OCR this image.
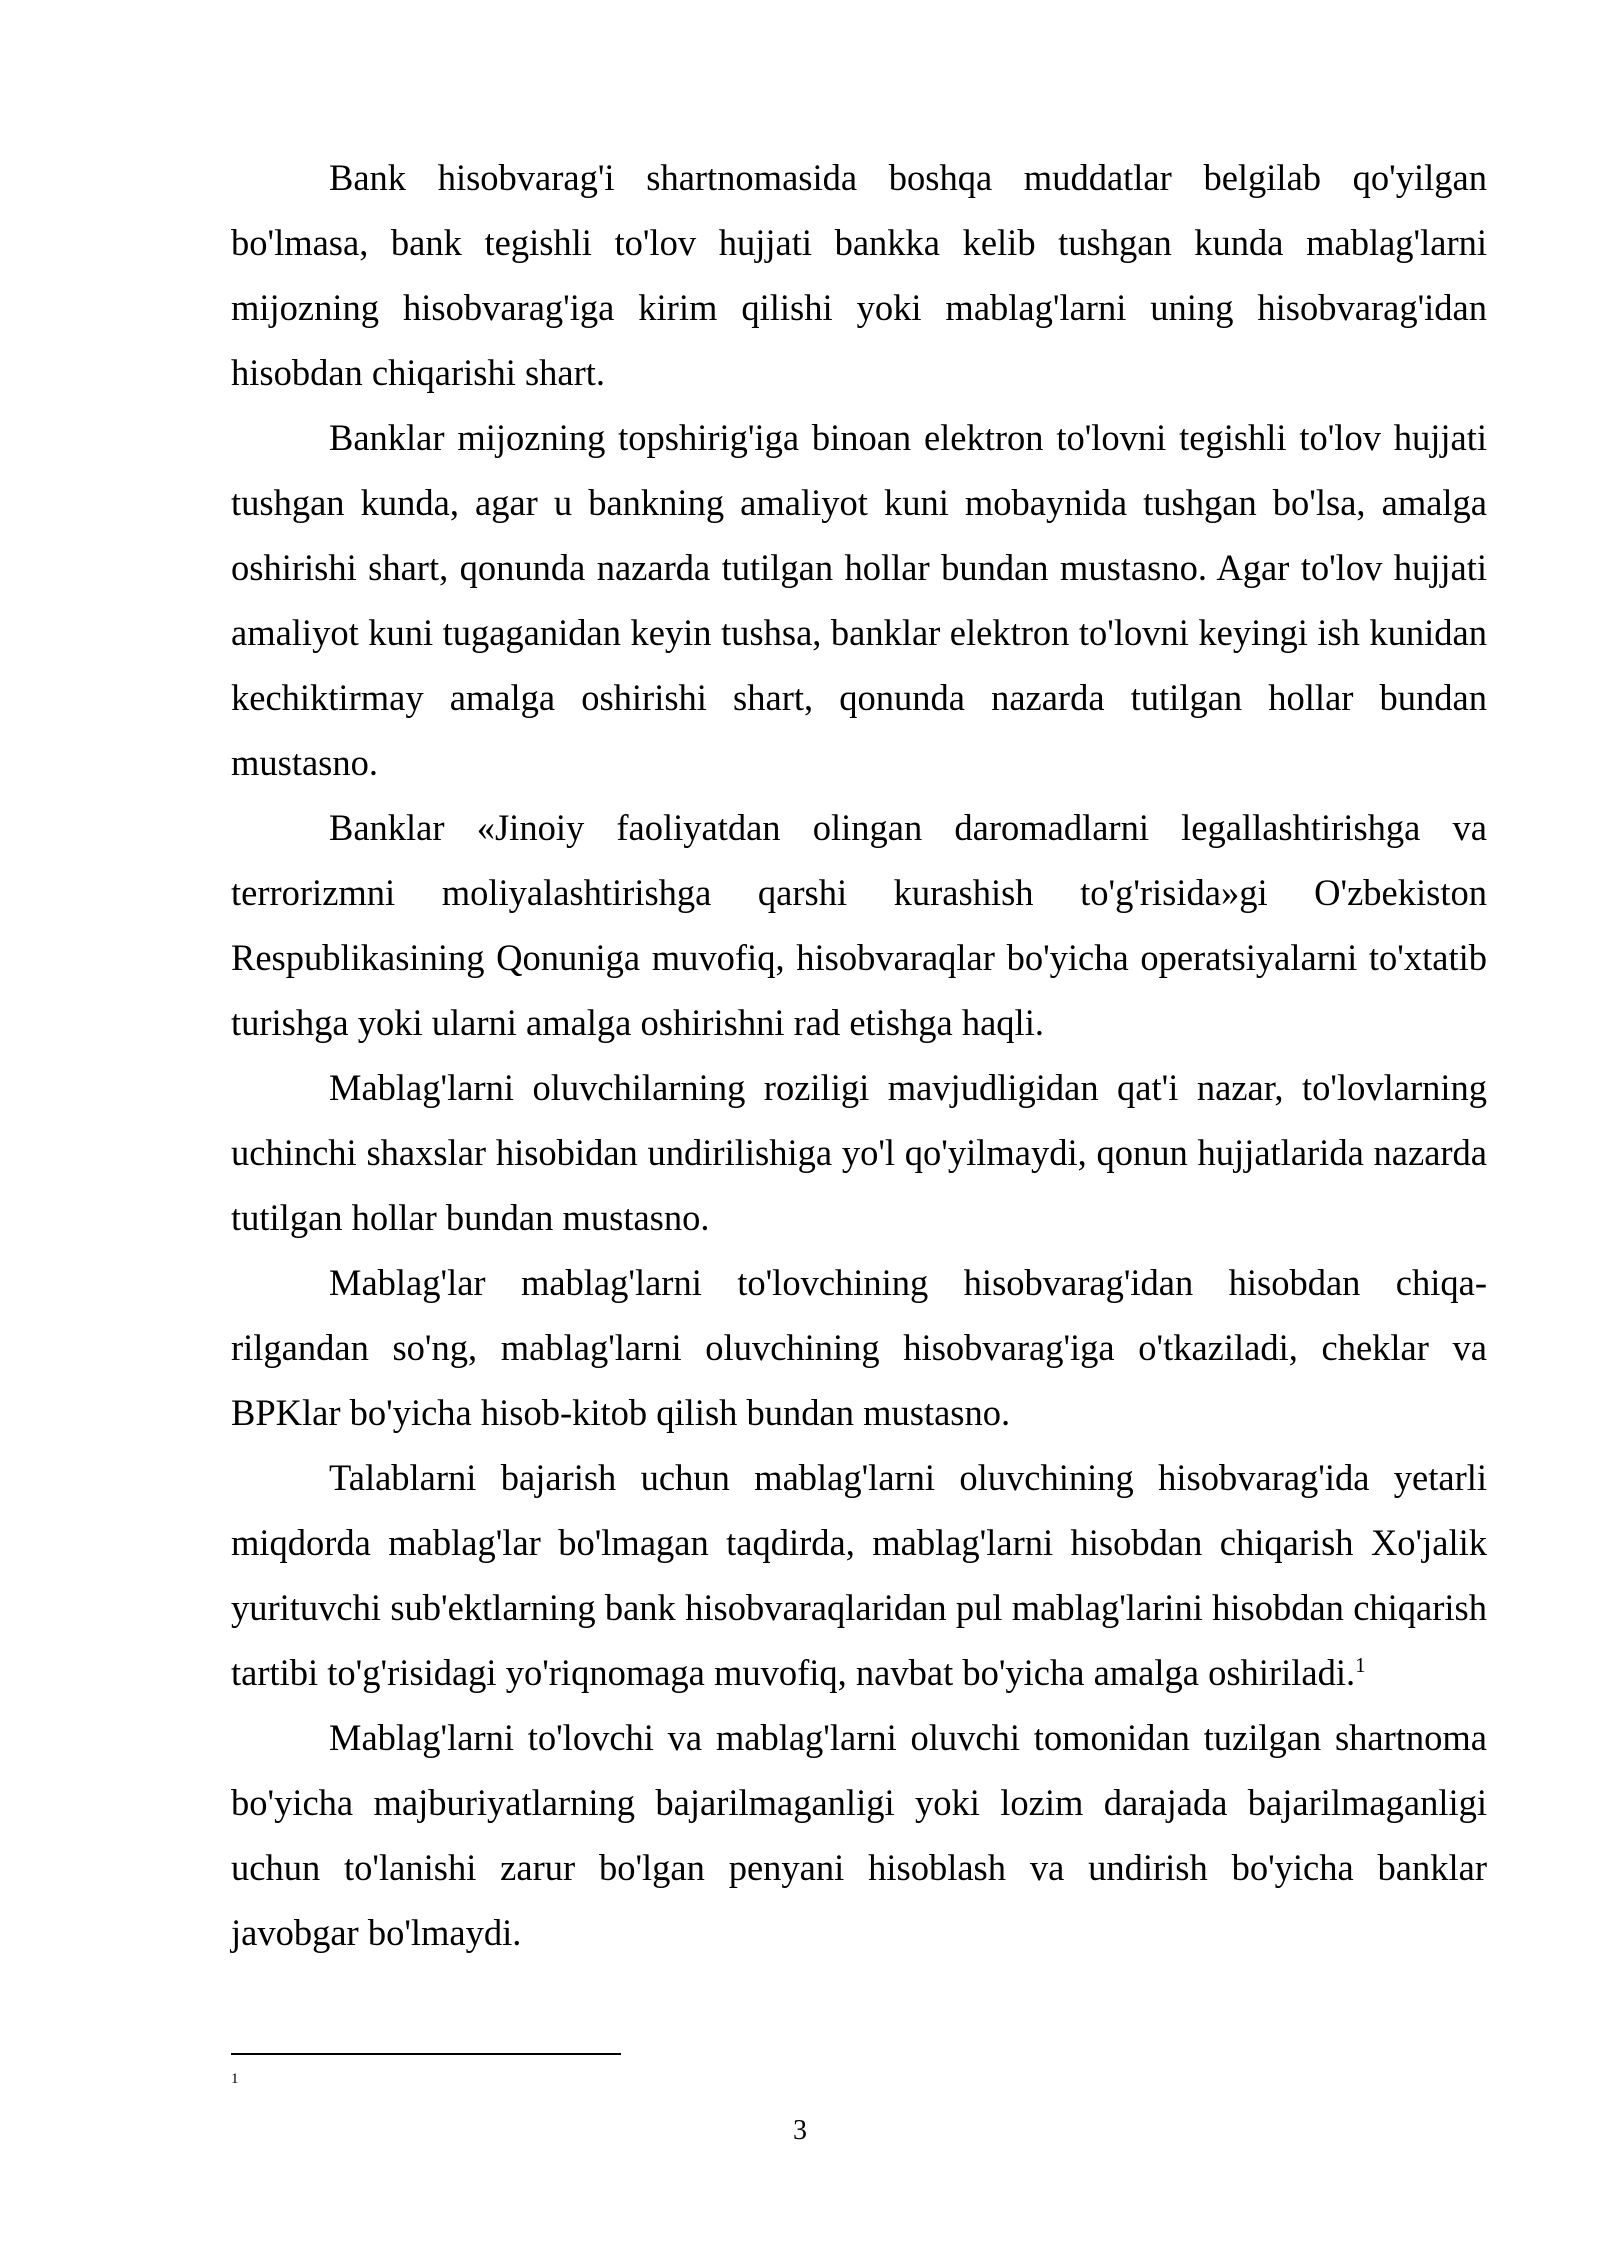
Bank hisobvarag'i shartnomasida boshqa muddatlar belgilab qo'yilgan bo'lmasa, bank tegishli to'lov hujjati bankka kelib tushgan kunda mablag'larni mijozning hisobvarag'iga kirim qilishi yoki mablag'larni uning hisobvarag'idan hisobdan chiqarishi shart.

Banklar mijozning topshirig'iga binoan elektron to'lovni tegishli to'lov hujjati tushgan kunda, agar u bankning amaliyot kuni mobaynida tushgan bo'lsa, amalga oshirishi shart, qonunda nazarda tutilgan hollar bundan mustasno. Agar to'lov hujjati amaliyot kuni tugaganidan keyin tushsa, banklar elektron to'lovni keyingi ish kunidan kechiktirmay amalga oshirishi shart, qonunda nazarda tutilgan hollar bundan mustasno.

Banklar «Jinoiy faoliyatdan olingan daromadlarni legallashtirishga va terrorizmni moliyalashtirishga qarshi kurashish to'g'risida»gi O'zbekiston Respublikasining Qonuniga muvofiq, hisobvaraqlar bo'yicha operatsiyalarni to'xtatib turishga yoki ularni amalga oshirishni rad etishga haqli.

Mablag'larni oluvchilarning roziligi mavjudligidan qat'i nazar, to'lovlarning uchinchi shaxslar hisobidan undirilishiga yo'l qo'yilmaydi, qonun hujjatlarida nazarda tutilgan hollar bundan mustasno.

Mablag'lar mablag'larni to'lovchining hisobvarag'idan hisobdan chiqa-rilgandan so'ng, mablag'larni oluvchining hisobvarag'iga o'tkaziladi, cheklar va BPKlar bo'yicha hisob-kitob qilish bundan mustasno.

Talablarni bajarish uchun mablag'larni oluvchining hisobvarag'ida yetarli miqdorda mablag'lar bo'lmagan taqdirda, mablag'larni hisobdan chiqarish Xo'jalik yurituvchi sub'ektlarning bank hisobvaraqlaridan pul mablag'larini hisobdan chiqarish tartibi to'g'risidagi yo'riqnomaga muvofiq, navbat bo'yicha amalga oshiriladi.$^1$

Mablag'larni to'lovchi va mablag'larni oluvchi tomonidan tuzilgan shartnoma bo'yicha majburiyatlarning bajarilmaganligi yoki lozim darajada bajarilmaganligi uchun to'lanishi zarur bo'lgan penyani hisoblash va undirish bo'yicha banklar javobgar bo'lmaydi.

1
3
